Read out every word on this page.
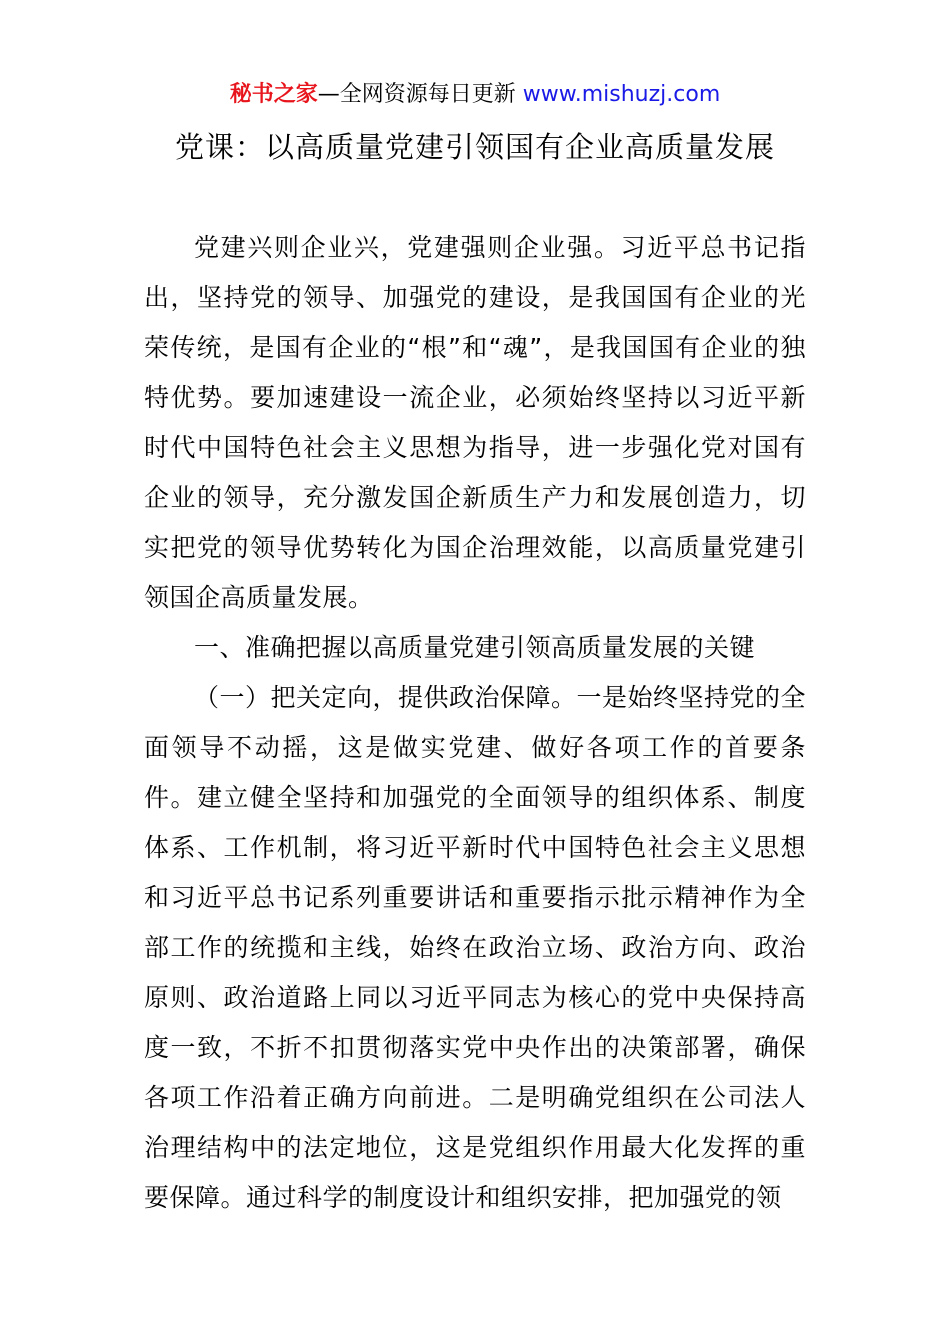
秘书之家—全网资源每日更新 www.mishuzj.com
党课：以高质量党建引领国有企业高质量发展

党建兴则企业兴，党建强则企业强。习近平总书记指出，坚持党的领导、加强党的建设，是我国国有企业的光荣传统，是国有企业的“根”和“魂”，是我国国有企业的独特优势。要加速建设一流企业，必须始终坚持以习近平新时代中国特色社会主义思想为指导，进一步强化党对国有企业的领导，充分激发国企新质生产力和发展创造力，切实把党的领导优势转化为国企治理效能，以高质量党建引领国企高质量发展。

一、准确把握以高质量党建引领高质量发展的关键

（一）把关定向，提供政治保障。一是始终坚持党的全面领导不动摇，这是做实党建、做好各项工作的首要条件。建立健全坚持和加强党的全面领导的组织体系、制度体系、工作机制，将习近平新时代中国特色社会主义思想和习近平总书记系列重要讲话和重要指示批示精神作为全部工作的统揽和主线，始终在政治立场、政治方向、政治原则、政治道路上同以习近平同志为核心的党中央保持高度一致，不折不扣贯彻落实党中央作出的决策部署，确保各项工作沿着正确方向前进。二是明确党组织在公司法人治理结构中的法定地位，这是党组织作用最大化发挥的重要保障。通过科学的制度设计和组织安排，把加强党的领
